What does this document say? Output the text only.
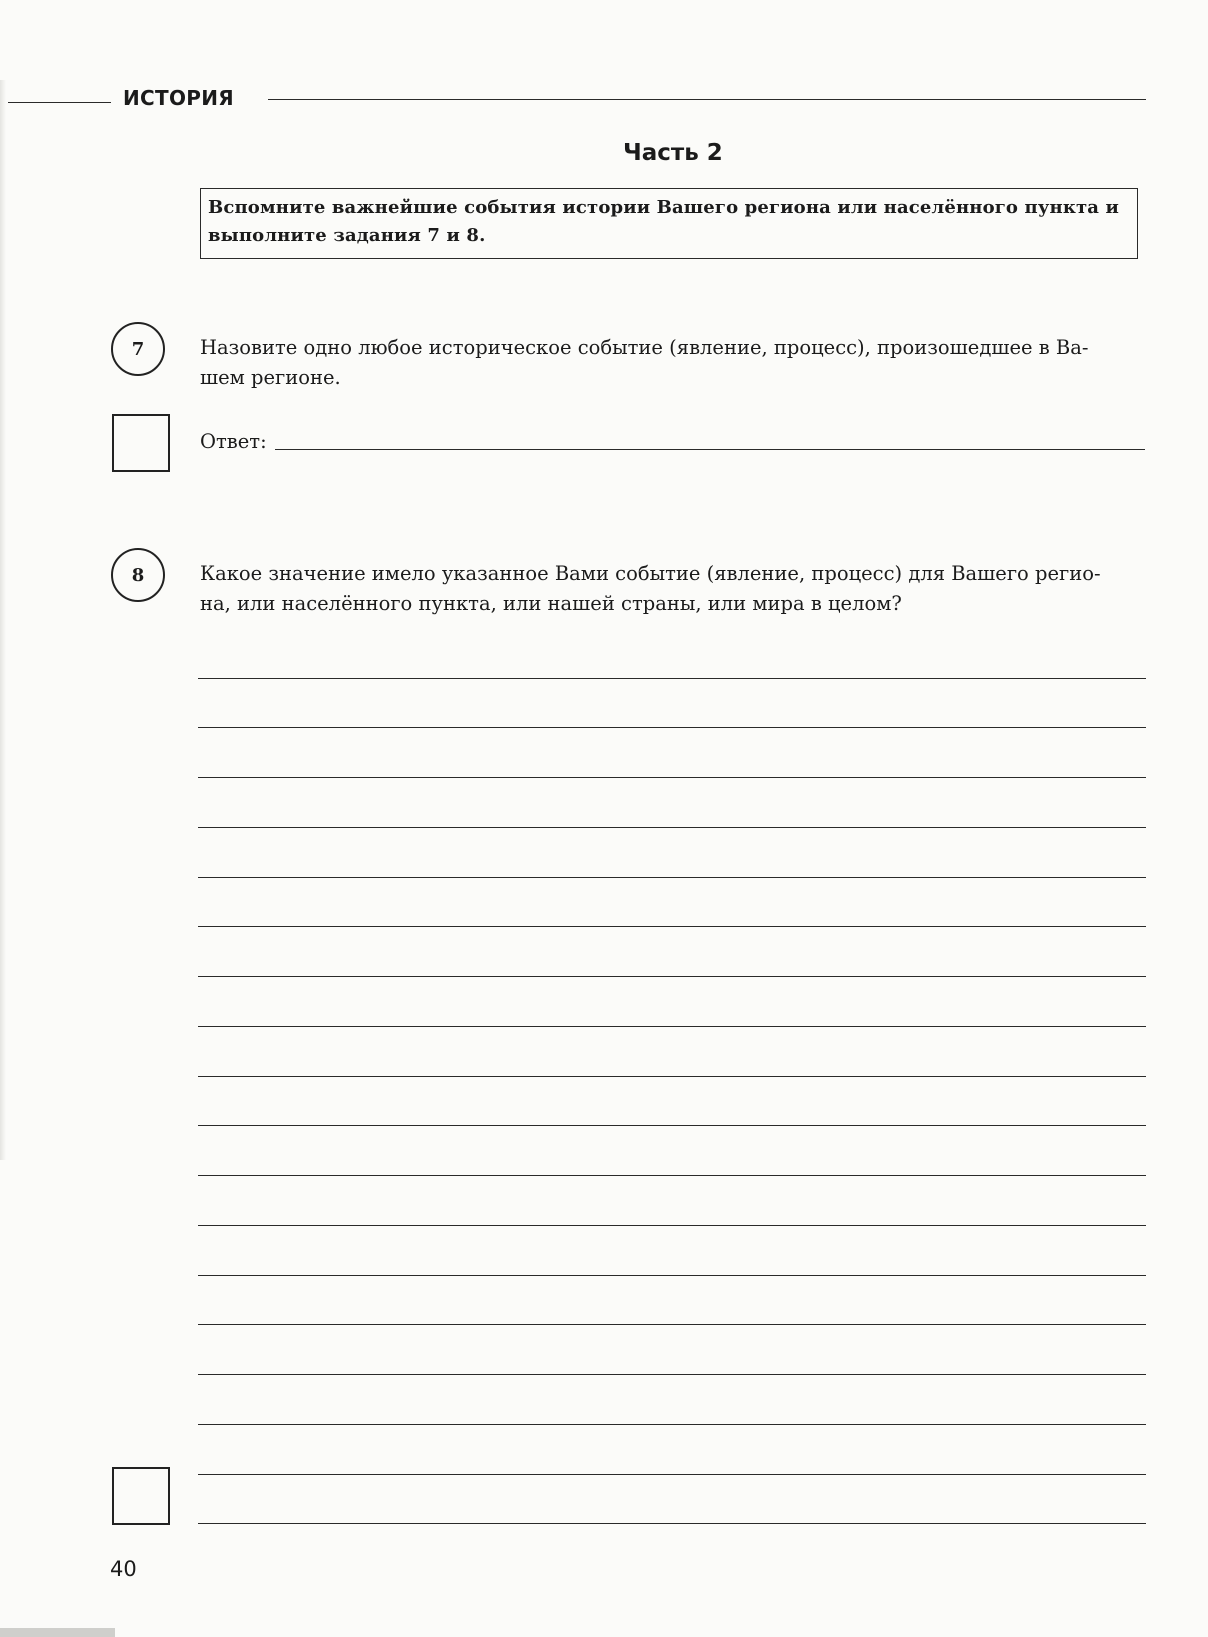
ИСТОРИЯ
Часть 2
Вспомните важнейшие события истории Вашего региона или населённого пункта и выполните задания 7 и 8.
7	Назовите одно любое историческое событие (явление, процесс), произошедшее в Ва-
шем регионе.
Ответ:
8	Какое значение имело указанное Вами событие (явление, процесс) для Вашего регио-
на, или населённого пункта, или нашей страны, или мира в целом?
40
